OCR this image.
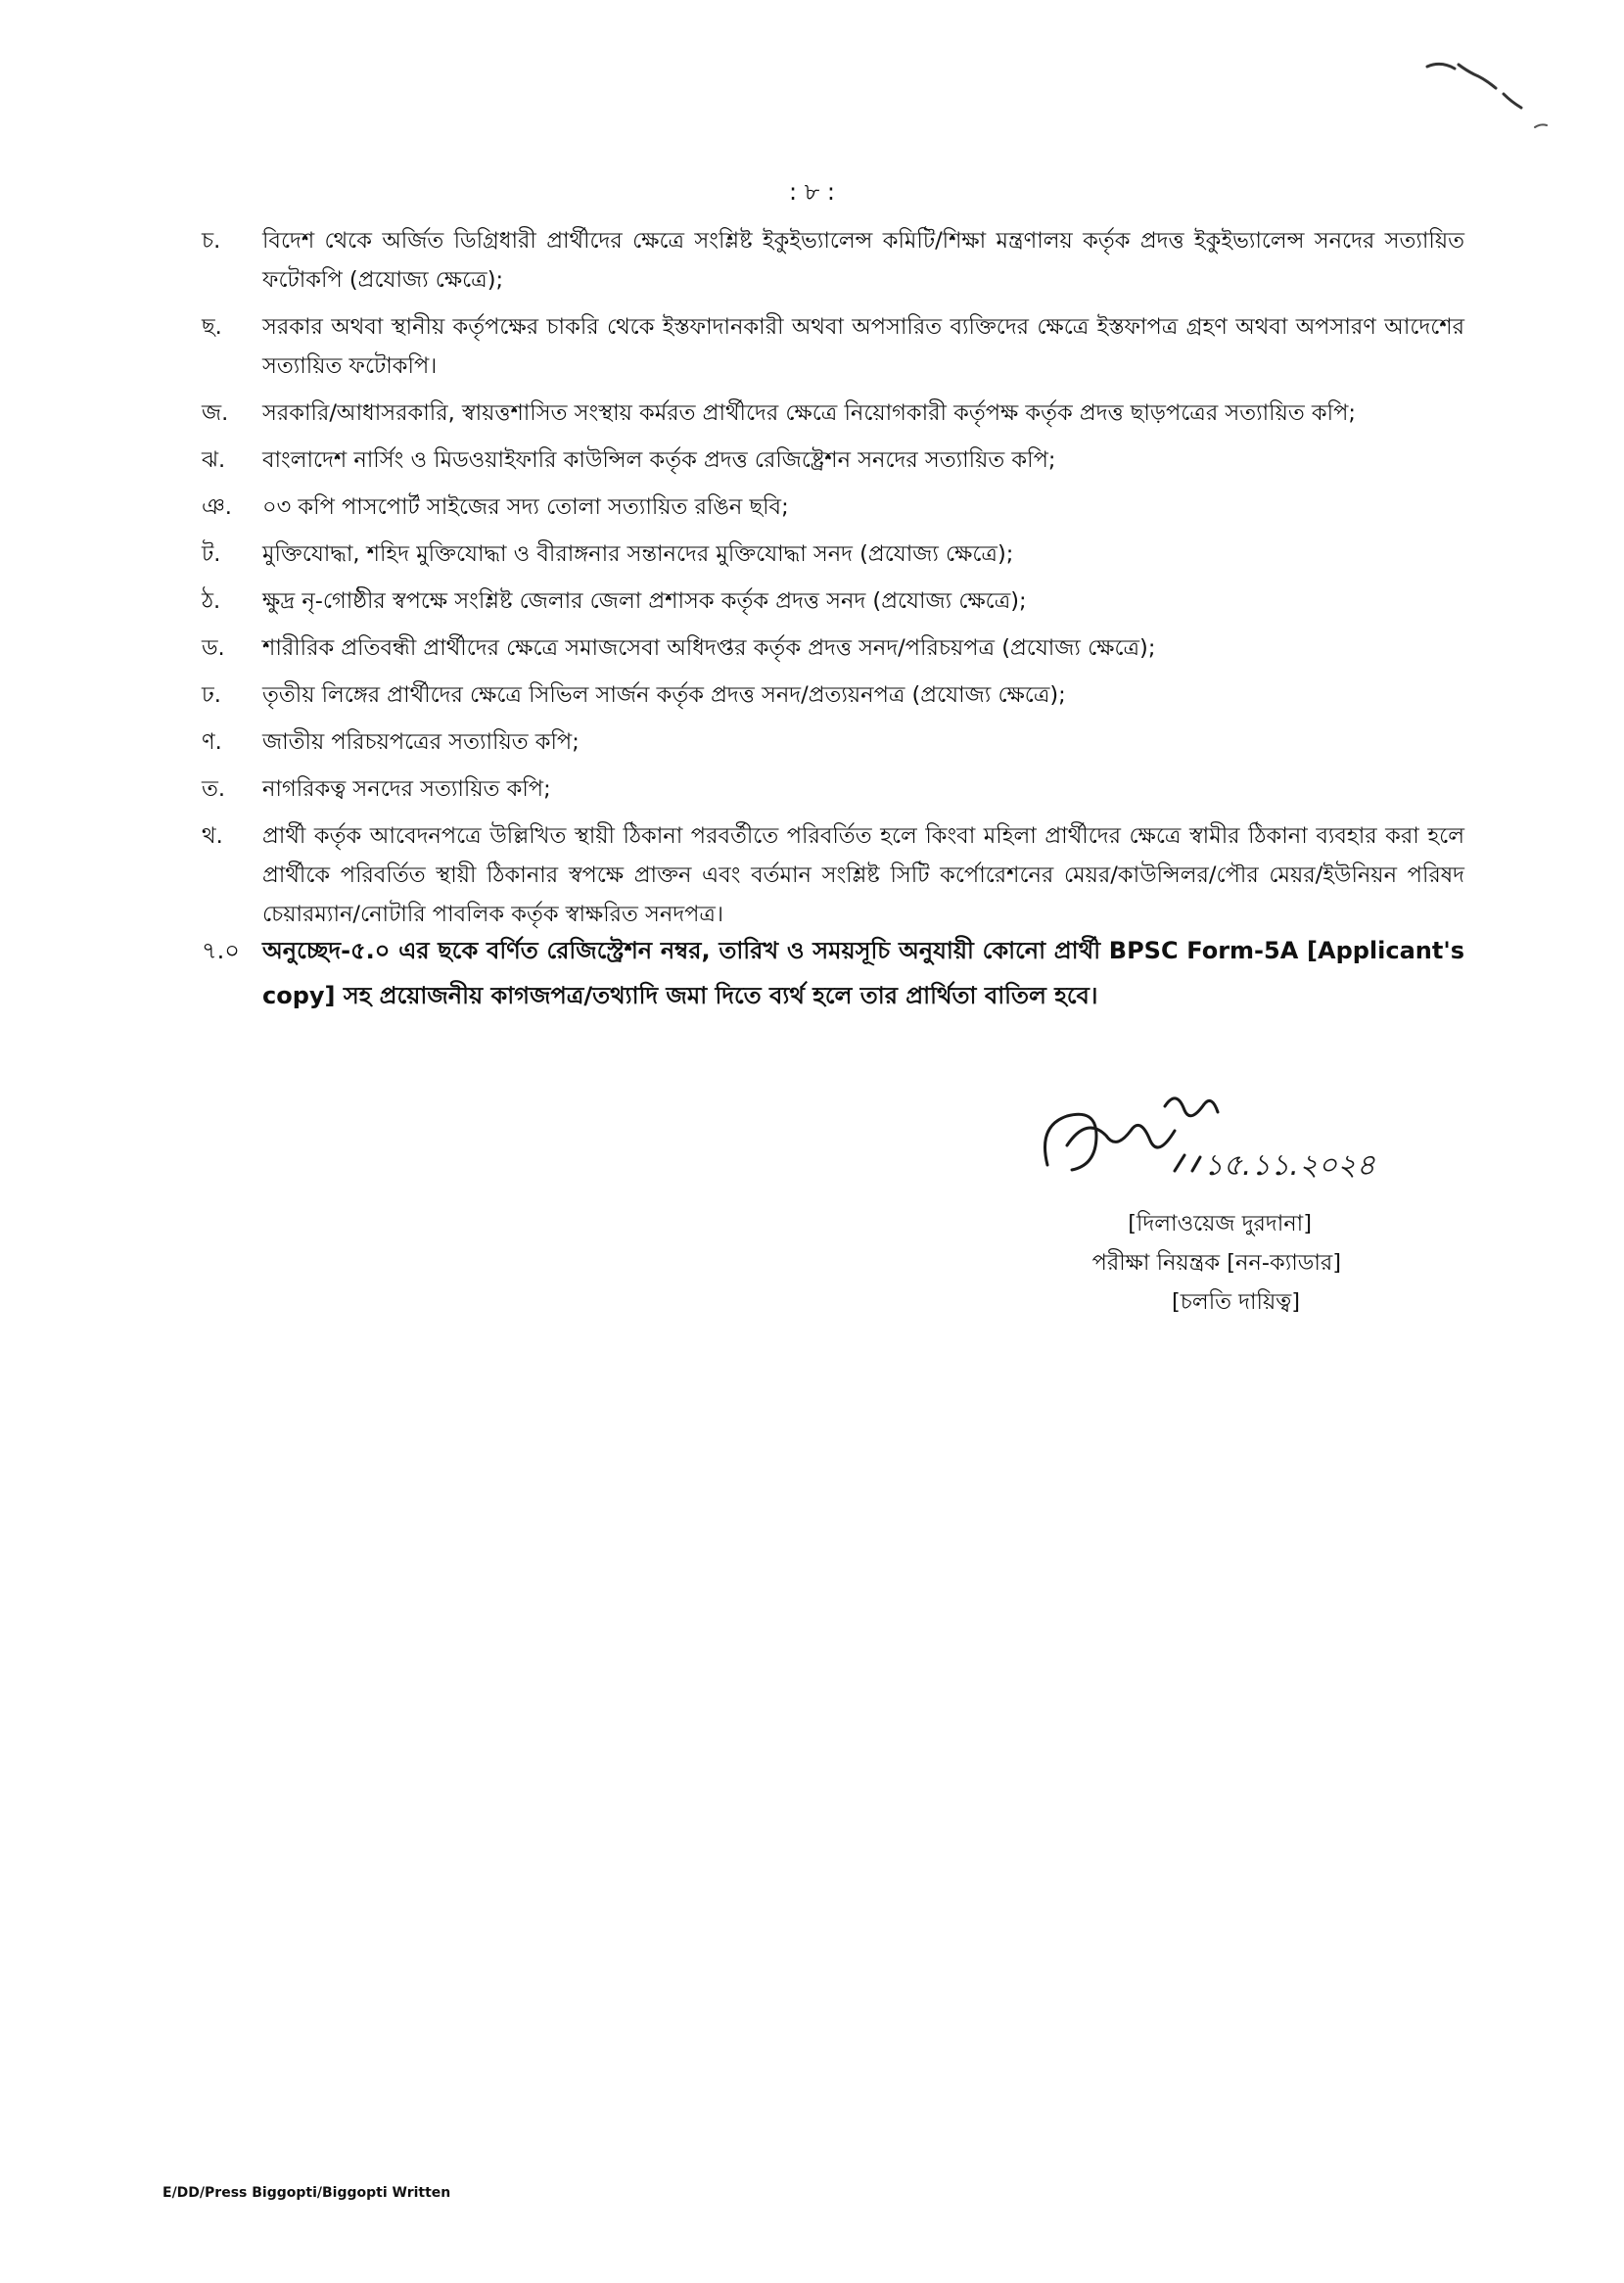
: ৮ :
চ.	বিদেশ থেকে অর্জিত ডিগ্রিধারী প্রার্থীদের ক্ষেত্রে সংশ্লিষ্ট ইকুইভ্যালেন্স কমিটি/শিক্ষা মন্ত্রণালয় কর্তৃক প্রদত্ত ইকুইভ্যালেন্স সনদের সত্যায়িত ফটোকপি (প্রযোজ্য ক্ষেত্রে);
ছ.	সরকার অথবা স্থানীয় কর্তৃপক্ষের চাকরি থেকে ইস্তফাদানকারী অথবা অপসারিত ব্যক্তিদের ক্ষেত্রে ইস্তফাপত্র গ্রহণ অথবা অপসারণ আদেশের সত্যায়িত ফটোকপি।
জ.	সরকারি/আধাসরকারি, স্বায়ত্তশাসিত সংস্থায় কর্মরত প্রার্থীদের ক্ষেত্রে নিয়োগকারী কর্তৃপক্ষ কর্তৃক প্রদত্ত ছাড়পত্রের সত্যায়িত কপি;
ঝ.	বাংলাদেশ নার্সিং ও মিডওয়াইফারি কাউন্সিল কর্তৃক প্রদত্ত রেজিষ্ট্রেশন সনদের সত্যায়িত কপি;
ঞ.	০৩ কপি পাসপোর্ট সাইজের সদ্য তোলা সত্যায়িত রঙিন ছবি;
ট.	মুক্তিযোদ্ধা, শহিদ মুক্তিযোদ্ধা ও বীরাঙ্গনার সন্তানদের মুক্তিযোদ্ধা সনদ (প্রযোজ্য ক্ষেত্রে);
ঠ.	ক্ষুদ্র নৃ-গোষ্ঠীর স্বপক্ষে সংশ্লিষ্ট জেলার জেলা প্রশাসক কর্তৃক প্রদত্ত সনদ (প্রযোজ্য ক্ষেত্রে);
ড.	শারীরিক প্রতিবন্ধী প্রার্থীদের ক্ষেত্রে সমাজসেবা অধিদপ্তর কর্তৃক প্রদত্ত সনদ/পরিচয়পত্র (প্রযোজ্য ক্ষেত্রে);
ঢ.	তৃতীয় লিঙ্গের প্রার্থীদের ক্ষেত্রে সিভিল সার্জন কর্তৃক প্রদত্ত সনদ/প্রত্যয়নপত্র (প্রযোজ্য ক্ষেত্রে);
ণ.	জাতীয় পরিচয়পত্রের সত্যায়িত কপি;
ত.	নাগরিকত্ব সনদের সত্যায়িত কপি;
থ.	প্রার্থী কর্তৃক আবেদনপত্রে উল্লিখিত স্থায়ী ঠিকানা পরবর্তীতে পরিবর্তিত হলে কিংবা মহিলা প্রার্থীদের ক্ষেত্রে স্বামীর ঠিকানা ব্যবহার করা হলে প্রার্থীকে পরিবর্তিত স্থায়ী ঠিকানার স্বপক্ষে প্রাক্তন এবং বর্তমান সংশ্লিষ্ট সিটি কর্পোরেশনের মেয়র/কাউন্সিলর/পৌর মেয়র/ইউনিয়ন পরিষদ চেয়ারম্যান/নোটারি পাবলিক কর্তৃক স্বাক্ষরিত সনদপত্র।
৭.০ অনুচ্ছেদ-৫.০ এর ছকে বর্ণিত রেজিস্ট্রেশন নম্বর, তারিখ ও সময়সূচি অনুযায়ী কোনো প্রার্থী BPSC Form-5A [Applicant's copy] সহ প্রয়োজনীয় কাগজপত্র/তথ্যাদি জমা দিতে ব্যর্থ হলে তার প্রার্থিতা বাতিল হবে।
১৫.১১.২০২৪
[দিলাওয়েজ দুরদানা]
পরীক্ষা নিয়ন্ত্রক [নন-ক্যাডার]
[চলতি দায়িত্ব]
E/DD/Press Biggopti/Biggopti Written
